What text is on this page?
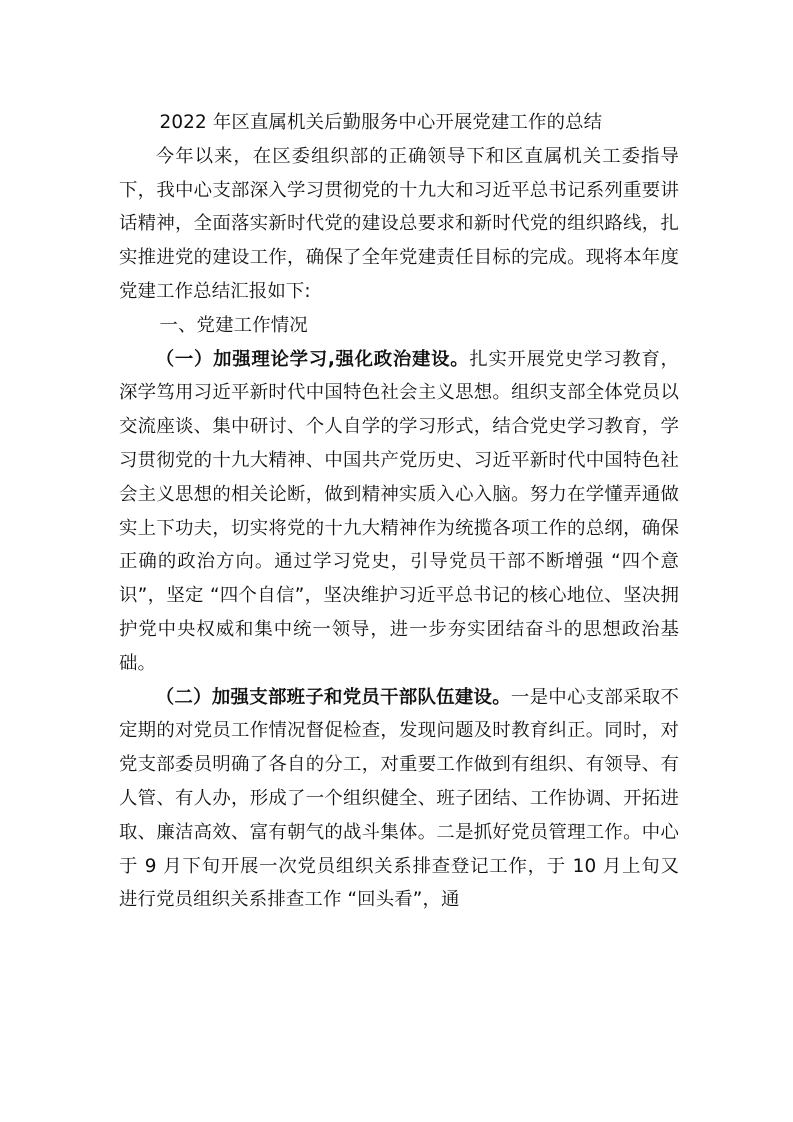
2022 年区直属机关后勤服务中心开展党建工作的总结

今年以来，在区委组织部的正确领导下和区直属机关工委指导下，我中心支部深入学习贯彻党的十九大和习近平总书记系列重要讲话精神，全面落实新时代党的建设总要求和新时代党的组织路线，扎实推进党的建设工作，确保了全年党建责任目标的完成。现将本年度党建工作总结汇报如下:

一、党建工作情况

（一）加强理论学习,强化政治建设。扎实开展党史学习教育，深学笃用习近平新时代中国特色社会主义思想。组织支部全体党员以交流座谈、集中研讨、个人自学的学习形式，结合党史学习教育，学习贯彻党的十九大精神、中国共产党历史、习近平新时代中国特色社会主义思想的相关论断，做到精神实质入心入脑。努力在学懂弄通做实上下功夫，切实将党的十九大精神作为统揽各项工作的总纲，确保正确的政治方向。通过学习党史，引导党员干部不断增强 “四个意识”，坚定 “四个自信”，坚决维护习近平总书记的核心地位、坚决拥护党中央权威和集中统一领导，进一步夯实团结奋斗的思想政治基础。

（二）加强支部班子和党员干部队伍建设。一是中心支部采取不定期的对党员工作情况督促检查，发现问题及时教育纠正。同时，对党支部委员明确了各自的分工，对重要工作做到有组织、有领导、有人管、有人办，形成了一个组织健全、班子团结、工作协调、开拓进取、廉洁高效、富有朝气的战斗集体。二是抓好党员管理工作。中心于 9 月下旬开展一次党员组织关系排查登记工作，于 10 月上旬又进行党员组织关系排查工作 “回头看”，通
